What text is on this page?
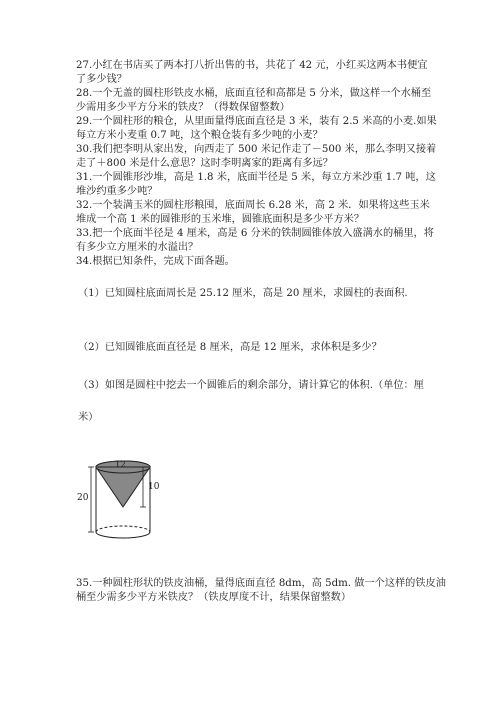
27.小红在书店买了两本打八折出售的书，共花了 42 元，小红买这两本书便宜
了多少钱？
28.一个无盖的圆柱形铁皮水桶，底面直径和高都是 5 分米，做这样一个水桶至
少需用多少平方分米的铁皮？（得数保留整数）
29.一个圆柱形的粮仓，从里面量得底面直径是 3 米，装有 2.5 米高的小麦.如果
每立方米小麦重 0.7 吨，这个粮仓装有多少吨的小麦？
30.我们把李明从家出发，向西走了 500 米记作走了－500 米，那么李明又接着
走了＋800 米是什么意思？这时李明离家的距离有多远？
31.一个圆锥形沙堆，高是 1.8 米，底面半径是 5 米，每立方米沙重 1.7 吨，这
堆沙约重多少吨？
32.一个装满玉米的圆柱形粮囤，底面周长 6.28 米，高 2 米．如果将这些玉米
堆成一个高 1 米的圆锥形的玉米堆，圆锥底面积是多少平方米？
33.把一个底面半径是 4 厘米，高是 6 分米的铁制圆锥体放入盛满水的桶里，将
有多少立方厘米的水溢出？
34.根据已知条件，完成下面各题。
（1）已知圆柱底面周长是 25.12 厘米，高是 20 厘米，求圆柱的表面积.
（2）已知圆锥底面直径是 8 厘米，高是 12 厘米，求体积是多少？
（3）如图是圆柱中挖去一个圆锥后的剩余部分，请计算它的体积.（单位：厘
米）
12
10
20
35.一种圆柱形状的铁皮油桶，量得底面直径 8dm，高 5dm. 做一个这样的铁皮油
桶至少需多少平方米铁皮？（铁皮厚度不计，结果保留整数）
